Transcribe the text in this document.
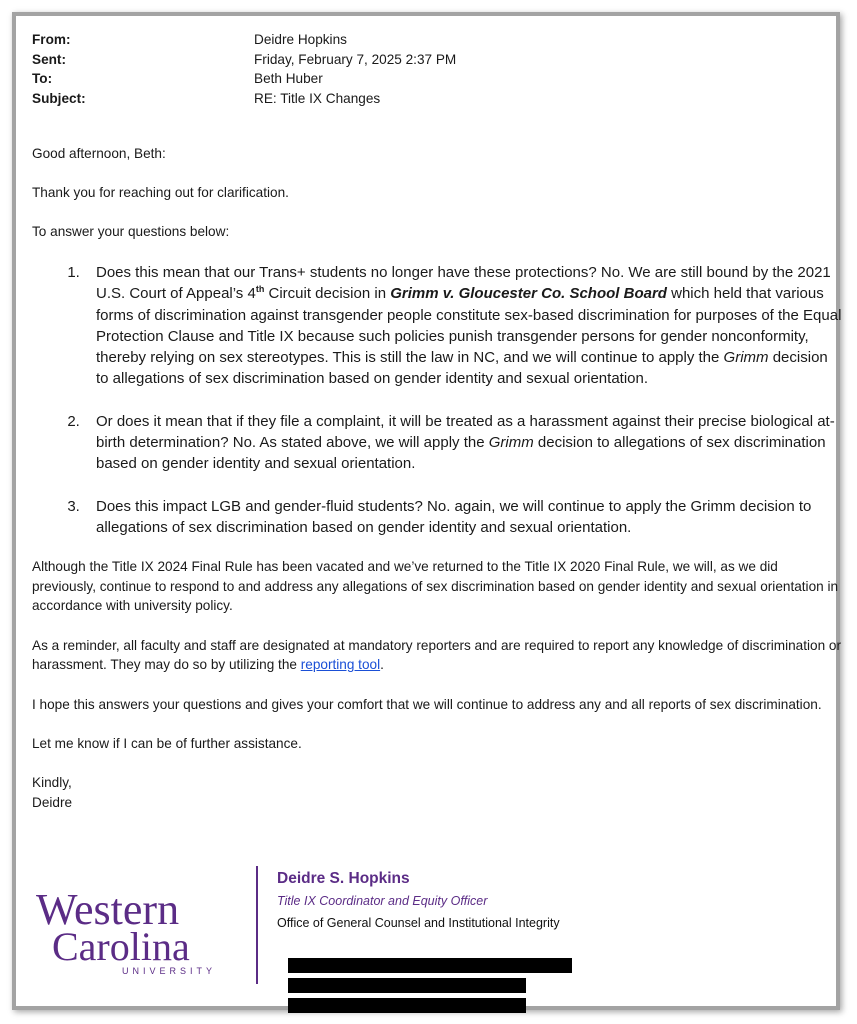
From:	Deidre Hopkins
Sent:	Friday, February 7, 2025 2:37 PM
To:	Beth Huber
Subject:	RE: Title IX Changes

Good afternoon, Beth:

Thank you for reaching out for clarification.

To answer your questions below:

1. Does this mean that our Trans+ students no longer have these protections? No. We are still bound by the 2021 U.S. Court of Appeal’s 4th Circuit decision in Grimm v. Gloucester Co. School Board which held that various forms of discrimination against transgender people constitute sex-based discrimination for purposes of the Equal Protection Clause and Title IX because such policies punish transgender persons for gender nonconformity, thereby relying on sex stereotypes. This is still the law in NC, and we will continue to apply the Grimm decision to allegations of sex discrimination based on gender identity and sexual orientation.
2. Or does it mean that if they file a complaint, it will be treated as a harassment against their precise biological at-birth determination? No. As stated above, we will apply the Grimm decision to allegations of sex discrimination based on gender identity and sexual orientation.
3. Does this impact LGB and gender-fluid students? No. again, we will continue to apply the Grimm decision to allegations of sex discrimination based on gender identity and sexual orientation.

Although the Title IX 2024 Final Rule has been vacated and we’ve returned to the Title IX 2020 Final Rule, we will, as we did previously, continue to respond to and address any allegations of sex discrimination based on gender identity and sexual orientation in accordance with university policy.

As a reminder, all faculty and staff are designated at mandatory reporters and are required to report any knowledge of discrimination or harassment. They may do so by utilizing the reporting tool.

I hope this answers your questions and gives your comfort that we will continue to address any and all reports of sex discrimination.

Let me know if I can be of further assistance.

Kindly,

Deidre

Western
Carolina
UNIVERSITY
Deidre S. Hopkins
Title IX Coordinator and Equity Officer
Office of General Counsel and Institutional Integrity
